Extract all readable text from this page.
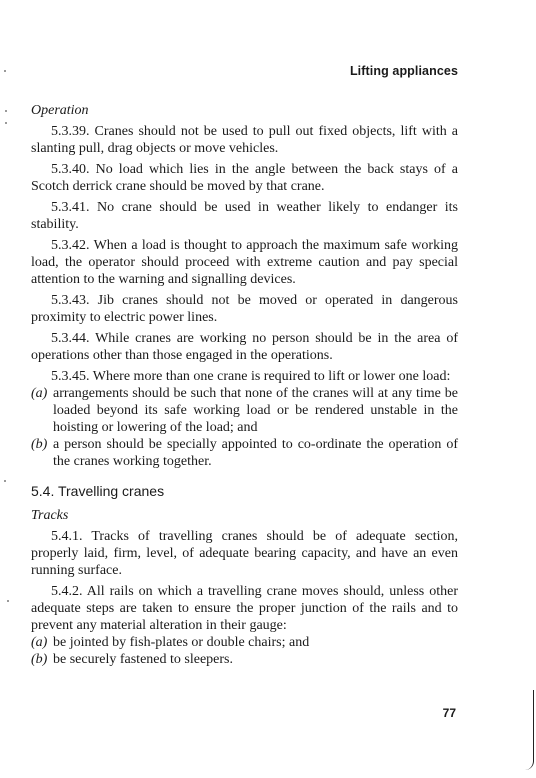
Lifting appliances

Operation

5.3.39. Cranes should not be used to pull out fixed objects, lift with a slanting pull, drag objects or move vehicles.

5.3.40. No load which lies in the angle between the back stays of a Scotch derrick crane should be moved by that crane.

5.3.41. No crane should be used in weather likely to endanger its stability.

5.3.42. When a load is thought to approach the maximum safe working load, the operator should proceed with extreme caution and pay special attention to the warning and signalling devices.

5.3.43. Jib cranes should not be moved or operated in dangerous proximity to electric power lines.

5.3.44. While cranes are working no person should be in the area of operations other than those engaged in the operations.

5.3.45. Where more than one crane is required to lift or lower one load:

(a) arrangements should be such that none of the cranes will at any time be loaded beyond its safe working load or be rendered unstable in the hoisting or lowering of the load; and
(b) a person should be specially appointed to co-ordinate the operation of the cranes working together.
5.4. Travelling cranes

Tracks

5.4.1. Tracks of travelling cranes should be of adequate section, properly laid, firm, level, of adequate bearing capacity, and have an even running surface.

5.4.2. All rails on which a travelling crane moves should, unless other adequate steps are taken to ensure the proper junction of the rails and to prevent any material alteration in their gauge:

(a) be jointed by fish-plates or double chairs; and
(b) be securely fastened to sleepers.
77
